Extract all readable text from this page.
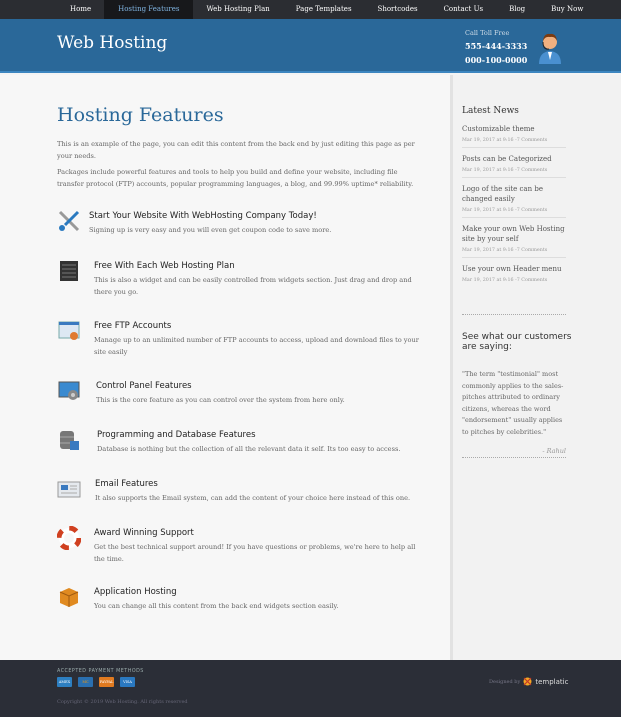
Home	Hosting Features	Web Hosting Plan	Page Templates	Shortcodes	Contact Us	Blog	Buy Now
Web Hosting	Call Toll Free
555-444-3333
000-100-0000
Hosting Features
This is an example of the page, you can edit this content from the back end by just editing this page as per your needs.
Packages include powerful features and tools to help you build and define your website, including file transfer protocol (FTP) accounts, popular programming languages, a blog, and 99.99% uptime* reliability.
Start Your Website With WebHosting Company Today!
Signing up is very easy and you will even get coupon code to save more.
Free With Each Web Hosting Plan
This is also a widget and can be easily controlled from widgets section. Just drag and drop and there you go.
Free FTP Accounts
Manage up to an unlimited number of FTP accounts to access, upload and download files to your site easily
Control Panel Features
This is the core feature as you can control over the system from here only.
Programming and Database Features
Database is nothing but the collection of all the relevant data it self. Its too easy to access.
Email Features
It also supports the Email system, can add the content of your choice here instead of this one.
Award Winning Support
Get the best technical support around! If you have questions or problems, we're here to help all the time.
Application Hosting
You can change all this content from the back end widgets section easily.
Latest News
Customizable theme
Mar 19, 2017 at 9:16 -7 Comments
Posts can be Categorized
Mar 19, 2017 at 9:16 -7 Comments
Logo of the site can be changed easily
Mar 19, 2017 at 9:16 -7 Comments
Make your own Web Hosting site by your self
Mar 19, 2017 at 9:16 -7 Comments
Use your own Header menu
Mar 19, 2017 at 9:16 -7 Comments
See what our customers are saying:
"The term "testimonial" most commonly applies to the sales-pitches attributed to ordinary citizens, whereas the word "endorsement" usually applies to pitches by celebrities."
- Rahul
ACCEPTED PAYMENT METHODS
AMEX	MC	PAYPAL	VISA
Copyright © 2019 Web Hosting. All rights reserved
Designed by templatic
